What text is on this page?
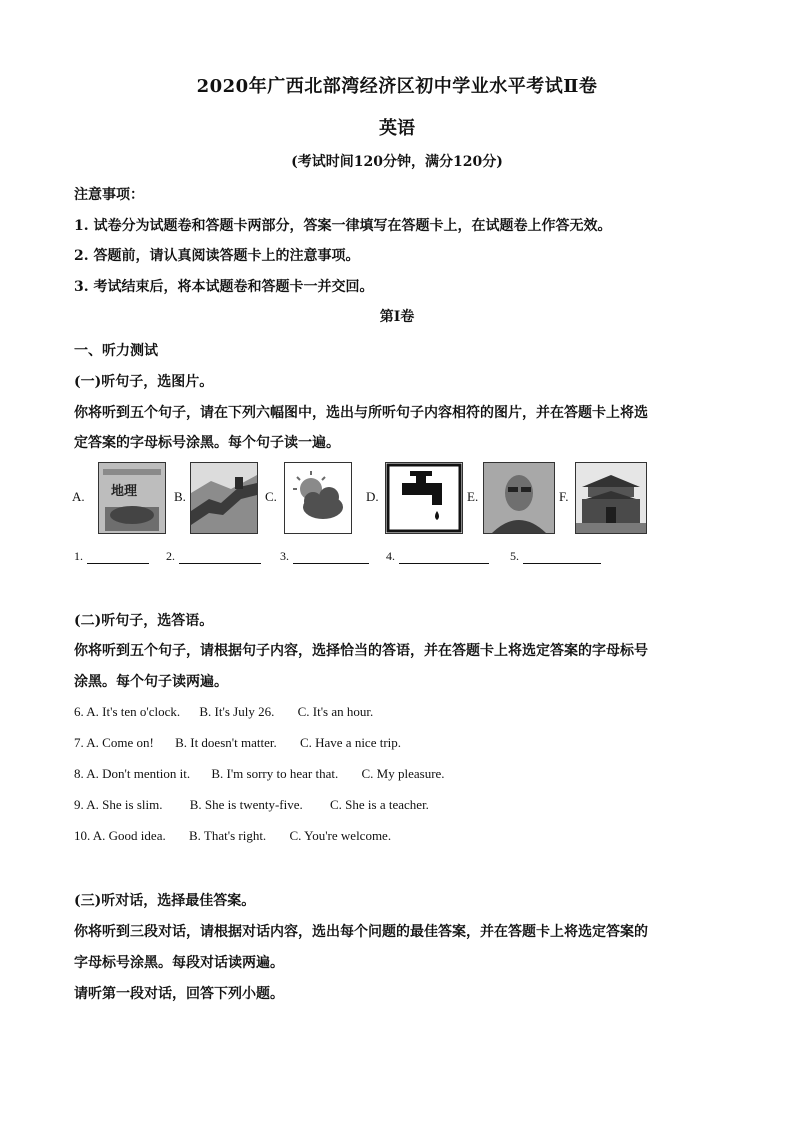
2020年广西北部湾经济区初中学业水平考试Ⅱ卷
英语
(考试时间120分钟，满分120分)
注意事项：
1. 试卷分为试题卷和答题卡两部分，答案一律填写在答题卡上，在试题卷上作答无效。
2. 答题前，请认真阅读答题卡上的注意事项。
3. 考试结束后，将本试题卷和答题卡一并交回。
第Ⅰ卷
一、听力测试
(一)听句子，选图片。
你将听到五个句子，请在下列六幅图中，选出与所听句子内容相符的图片，并在答题卡上将选
定答案的字母标号涂黑。每个句子读一遍。
A. 地理	B.	C.	D.	E.	F.
1.	2.	3.	4.	5.
(二)听句子，选答语。
你将听到五个句子，请根据句子内容，选择恰当的答语，并在答题卡上将选定答案的字母标号
涂黑。每个句子读两遍。
6. A. It's ten o'clock. B. It's July 26. C. It's an hour.
7. A. Come on! B. It doesn't matter. C. Have a nice trip.
8. A. Don't mention it. B. I'm sorry to hear that. C. My pleasure.
9. A. She is slim. B. She is twenty-five. C. She is a teacher.
10. A. Good idea. B. That's right. C. You're welcome.
(三)听对话，选择最佳答案。
你将听到三段对话，请根据对话内容，选出每个问题的最佳答案，并在答题卡上将选定答案的
字母标号涂黑。每段对话读两遍。
请听第一段对话，回答下列小题。
